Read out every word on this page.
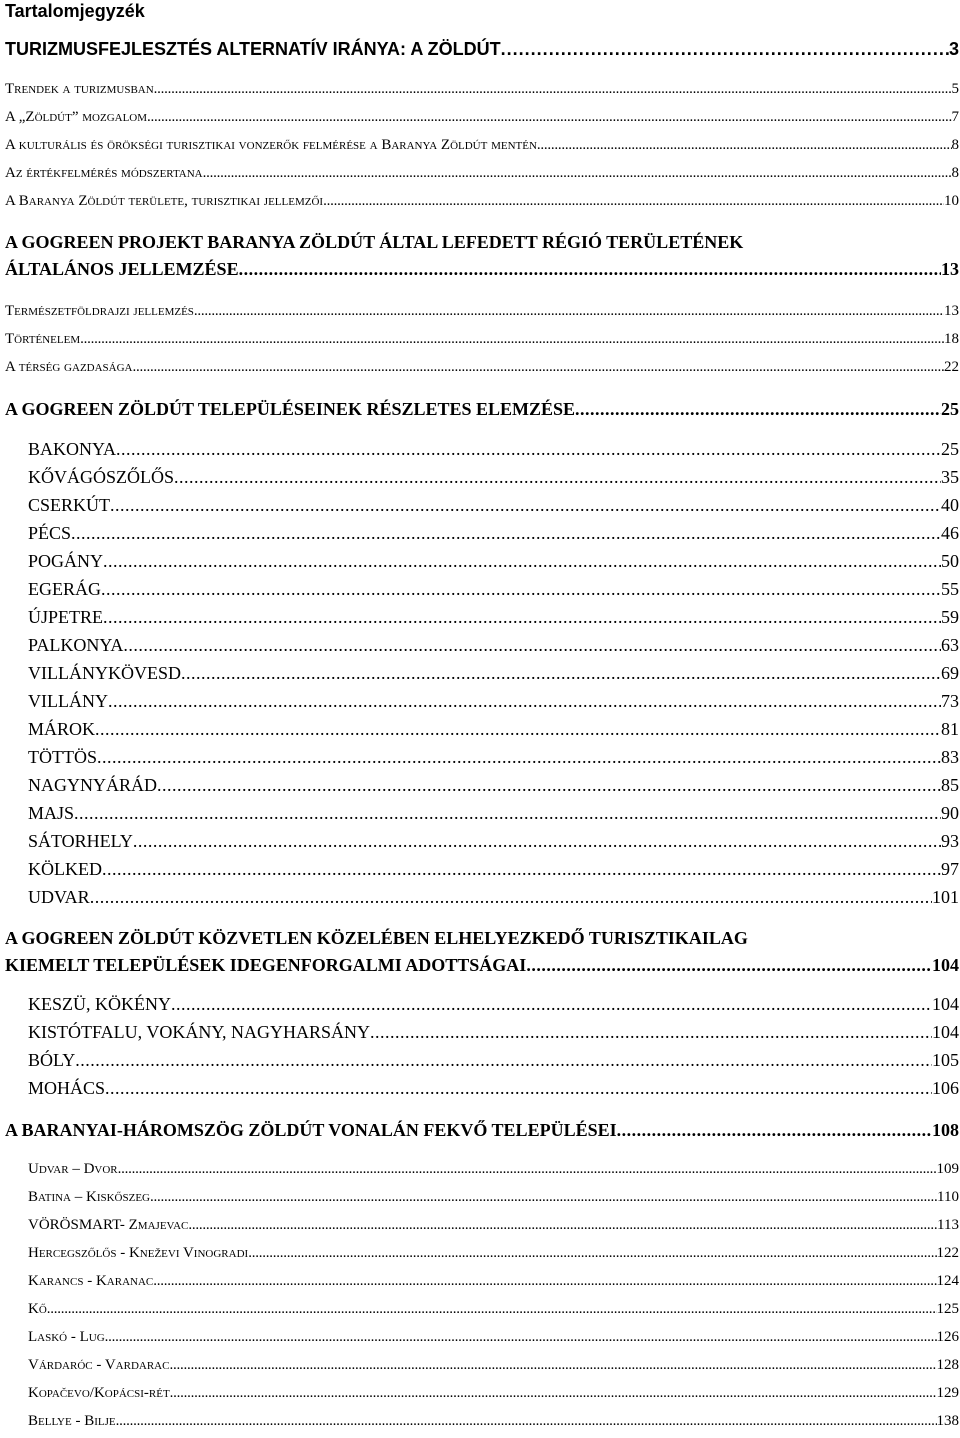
Tartalomjegyzék
TURIZMUSFEJLESZTÉS ALTERNATÍV IRÁNYA: A ZÖLDÚT . . .	3
Trendek a turizmusban . . .	5
A „Zöldút” mozgalom . . .	7
A kulturális és örökségi turisztikai vonzerők felmérése a Baranya Zöldút mentén . . .	8
Az értékfelmérés módszertana . . .	8
A Baranya Zöldút területe, turisztikai jellemzői . . .	10
A GOGREEN PROJEKT BARANYA ZÖLDÚT ÁLTAL LEFEDETT RÉGIÓ TERÜLETÉNEK
ÁLTALÁNOS JELLEMZÉSE . . .	13
Természetföldrajzi jellemzés . . .	13
Történelem . . .	18
A térség gazdasága . . .	22
A GOGREEN ZÖLDÚT TELEPÜLÉSEINEK RÉSZLETES ELEMZÉSE . . .	25
BAKONYA . . .	25
KŐVÁGÓSZŐLŐS . . .	35
CSERKÚT . . .	40
PÉCS . . .	46
POGÁNY . . .	50
EGERÁG . . .	55
ÚJPETRE . . .	59
PALKONYA . . .	63
VILLÁNYKÖVESD . . .	69
VILLÁNY . . .	73
MÁROK . . .	81
TÖTTÖS . . .	83
NAGYNYÁRÁD . . .	85
MAJS . . .	90
SÁTORHELY . . .	93
KÖLKED . . .	97
UDVAR . . .	101
A GOGREEN ZÖLDÚT KÖZVETLEN KÖZELÉBEN ELHELYEZKEDŐ TURISZTIKAILAG
KIEMELT TELEPÜLÉSEK IDEGENFORGALMI ADOTTSÁGAI . . .	104
KESZÜ, KÖKÉNY . . .	104
KISTÓTFALU, VOKÁNY, NAGYHARSÁNY . . .	104
BÓLY . . .	105
MOHÁCS . . .	106
A BARANYAI-HÁROMSZÖG ZÖLDÚT VONALÁN FEKVŐ TELEPÜLÉSEI . . .	108
Udvar – Dvor . . .	109
Batina – Kiskőszeg . . .	110
VÖRÖSMART- Zmajevac . . .	113
Hercegszőlős - Kneževi Vinogradi . . .	122
Karancs - Karanac . . .	124
Kő . . .	125
Laskó - Lug . . .	126
Várdaróc - Vardarac . . .	128
Kopačevo/Kopácsi-rét . . .	129
Bellye - Bilje . . .	138
